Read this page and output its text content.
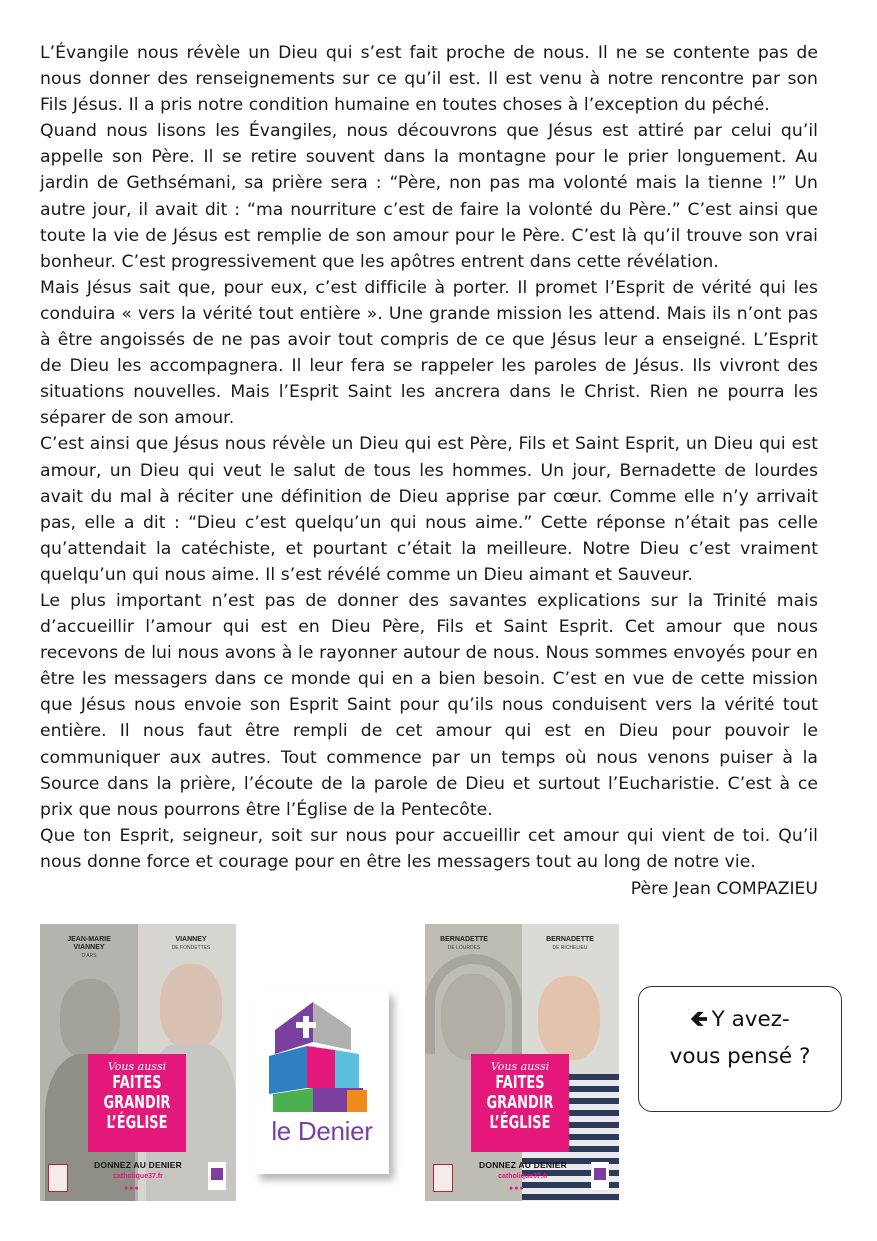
L’Évangile nous révèle un Dieu qui s’est fait proche de nous. Il ne se contente pas de nous donner des renseignements sur ce qu’il est. Il est venu à notre rencontre par son Fils Jésus. Il a pris notre condition humaine en toutes choses à l’exception du péché.

Quand nous lisons les Évangiles, nous découvrons que Jésus est attiré par celui qu’il appelle son Père. Il se retire souvent dans la montagne pour le prier longuement. Au jardin de Gethsémani, sa prière sera : “Père, non pas ma volonté mais la tienne !” Un autre jour, il avait dit : “ma nourriture c’est de faire la volonté du Père.” C’est ainsi que toute la vie de Jésus est remplie de son amour pour le Père. C’est là qu’il trouve son vrai bonheur. C’est progressivement que les apôtres entrent dans cette révélation.

Mais Jésus sait que, pour eux, c’est difficile à porter. Il promet l’Esprit de vérité qui les conduira « vers la vérité tout entière ». Une grande mission les attend. Mais ils n’ont pas à être angoissés de ne pas avoir tout compris de ce que Jésus leur a enseigné. L’Esprit de Dieu les accompagnera. Il leur fera se rappeler les paroles de Jésus. Ils vivront des situations nouvelles. Mais l’Esprit Saint les ancrera dans le Christ. Rien ne pourra les séparer de son amour.

C’est ainsi que Jésus nous révèle un Dieu qui est Père, Fils et Saint Esprit, un Dieu qui est amour, un Dieu qui veut le salut de tous les hommes. Un jour, Bernadette de lourdes avait du mal à réciter une définition de Dieu apprise par cœur. Comme elle n’y arrivait pas, elle a dit : “Dieu c’est quelqu’un qui nous aime.” Cette réponse n’était pas celle qu’attendait la catéchiste, et pourtant c’était la meilleure. Notre Dieu c’est vraiment quelqu’un qui nous aime. Il s’est révélé comme un Dieu aimant et Sauveur.

Le plus important n’est pas de donner des savantes explications sur la Trinité mais d’accueillir l’amour qui est en Dieu Père, Fils et Saint Esprit. Cet amour que nous recevons de lui nous avons à le rayonner autour de nous. Nous sommes envoyés pour en être les messagers dans ce monde qui en a bien besoin. C’est en vue de cette mission que Jésus nous envoie son Esprit Saint pour qu’ils nous conduisent vers la vérité tout entière. Il nous faut être rempli de cet amour qui est en Dieu pour pouvoir le communiquer aux autres. Tout commence par un temps où nous venons puiser à la Source dans la prière, l’écoute de la parole de Dieu et surtout l’Eucharistie. C’est à ce prix que nous pourrons être l’Église de la Pentecôte.

Que ton Esprit, seigneur, soit sur nous pour accueillir cet amour qui vient de toi. Qu’il nous donne force et courage pour en être les messagers tout au long de notre vie.

Père Jean COMPAZIEU
JEAN-MARIE VIANNEY
D’ARS
VIANNEY
DE FONDETTES
Vous aussi
FAITES
GRANDIR
L’ÉGLISE
DONNEZ AU DENIER
catholique37.fr
●●●
le Denier
BERNADETTE
DE LOURDES
BERNADETTE
DE RICHELIEU
Vous aussi
FAITES
GRANDIR
L’ÉGLISE
DONNEZ AU DENIER
catholique37.fr
●●●
🡸 Y avez-
vous pensé ?
